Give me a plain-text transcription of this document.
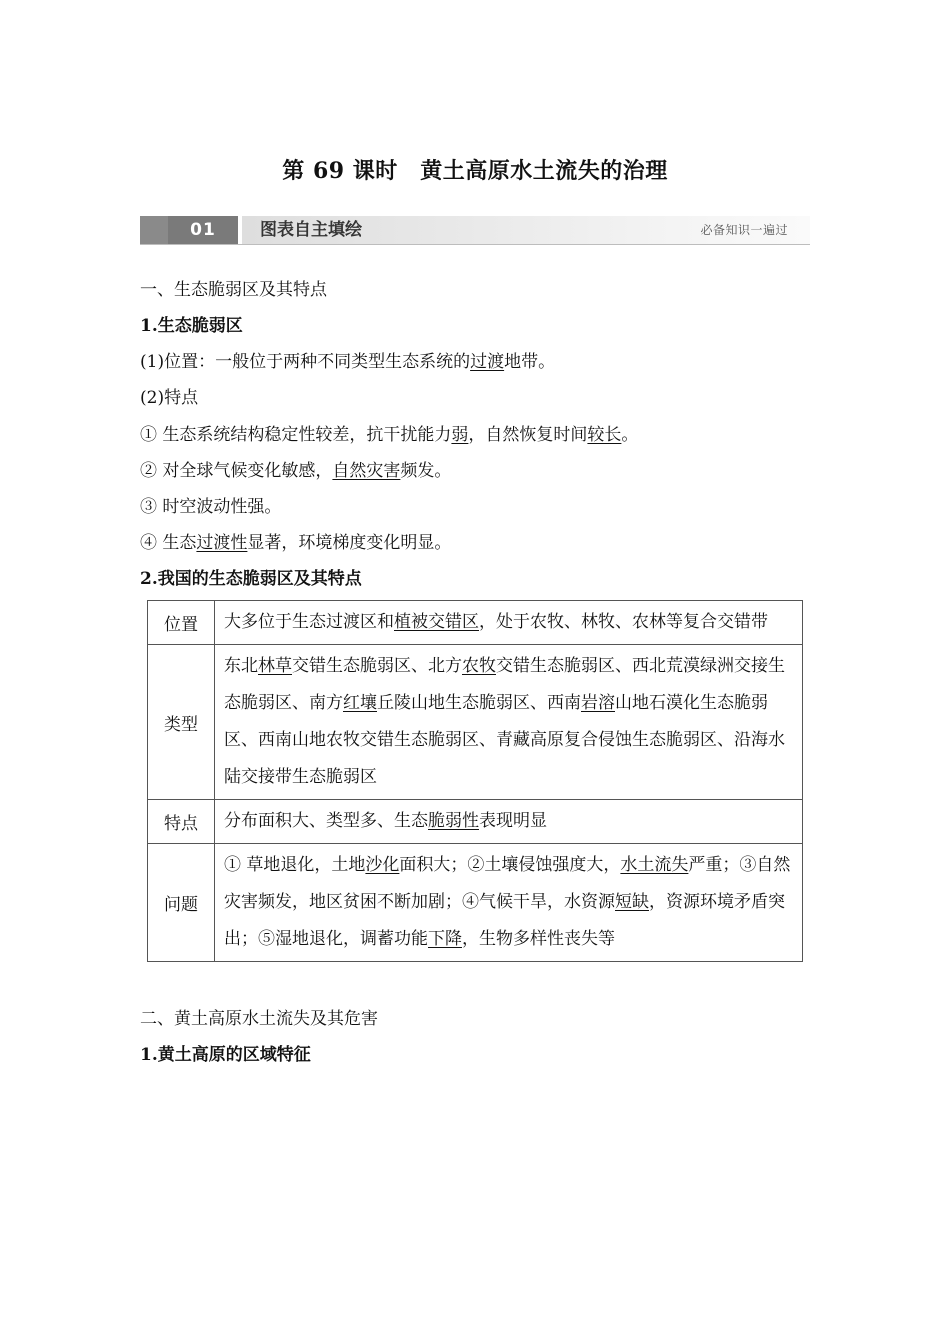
第 69 课时　黄土高原水土流失的治理
01	图表自主填绘	必备知识一遍过
一、生态脆弱区及其特点
1.生态脆弱区
(1)位置：一般位于两种不同类型生态系统的过渡地带。
(2)特点
① 生态系统结构稳定性较差，抗干扰能力弱，自然恢复时间较长。
② 对全球气候变化敏感，自然灾害频发。
③ 时空波动性强。
④ 生态过渡性显著，环境梯度变化明显。
2.我国的生态脆弱区及其特点
位置	大多位于生态过渡区和植被交错区，处于农牧、林牧、农林等复合交错带
类型	东北林草交错生态脆弱区、北方农牧交错生态脆弱区、西北荒漠绿洲交接生态脆弱区、南方红壤丘陵山地生态脆弱区、西南岩溶山地石漠化生态脆弱区、西南山地农牧交错生态脆弱区、青藏高原复合侵蚀生态脆弱区、沿海水陆交接带生态脆弱区
特点	分布面积大、类型多、生态脆弱性表现明显
问题	① 草地退化，土地沙化面积大；②土壤侵蚀强度大，水土流失严重；③自然灾害频发，地区贫困不断加剧；④气候干旱，水资源短缺，资源环境矛盾突出；⑤湿地退化，调蓄功能下降，生物多样性丧失等
二、黄土高原水土流失及其危害
1.黄土高原的区域特征
